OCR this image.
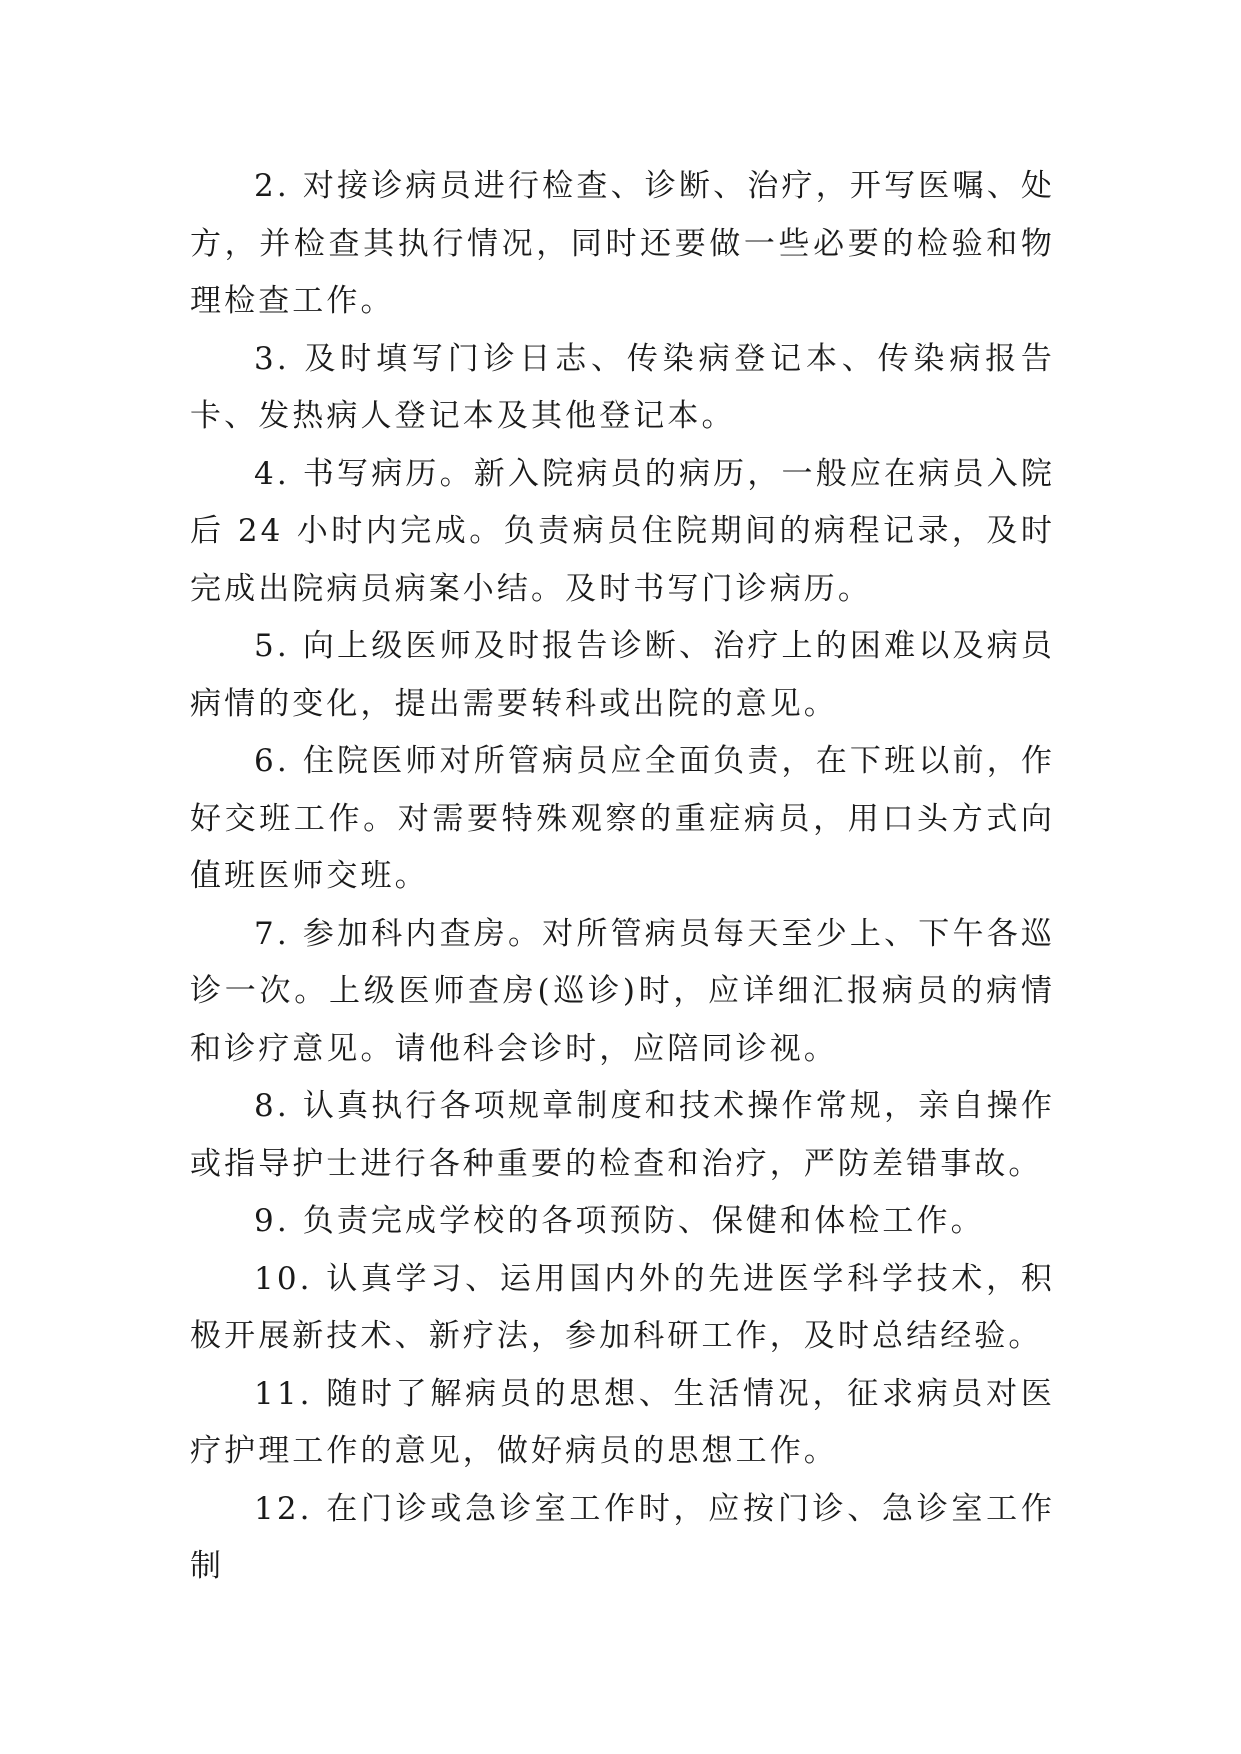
2. 对接诊病员进行检查、诊断、治疗，开写医嘱、处方，并检查其执行情况，同时还要做一些必要的检验和物理检查工作。

3. 及时填写门诊日志、传染病登记本、传染病报告卡、发热病人登记本及其他登记本。

4. 书写病历。新入院病员的病历，一般应在病员入院后 24 小时内完成。负责病员住院期间的病程记录，及时完成出院病员病案小结。及时书写门诊病历。

5. 向上级医师及时报告诊断、治疗上的困难以及病员病情的变化，提出需要转科或出院的意见。

6. 住院医师对所管病员应全面负责，在下班以前，作好交班工作。对需要特殊观察的重症病员，用口头方式向值班医师交班。

7. 参加科内查房。对所管病员每天至少上、下午各巡诊一次。上级医师查房(巡诊)时，应详细汇报病员的病情和诊疗意见。请他科会诊时，应陪同诊视。

8. 认真执行各项规章制度和技术操作常规，亲自操作或指导护士进行各种重要的检查和治疗，严防差错事故。

9. 负责完成学校的各项预防、保健和体检工作。

10. 认真学习、运用国内外的先进医学科学技术，积极开展新技术、新疗法，参加科研工作，及时总结经验。

11. 随时了解病员的思想、生活情况，征求病员对医疗护理工作的意见，做好病员的思想工作。

12. 在门诊或急诊室工作时，应按门诊、急诊室工作制
